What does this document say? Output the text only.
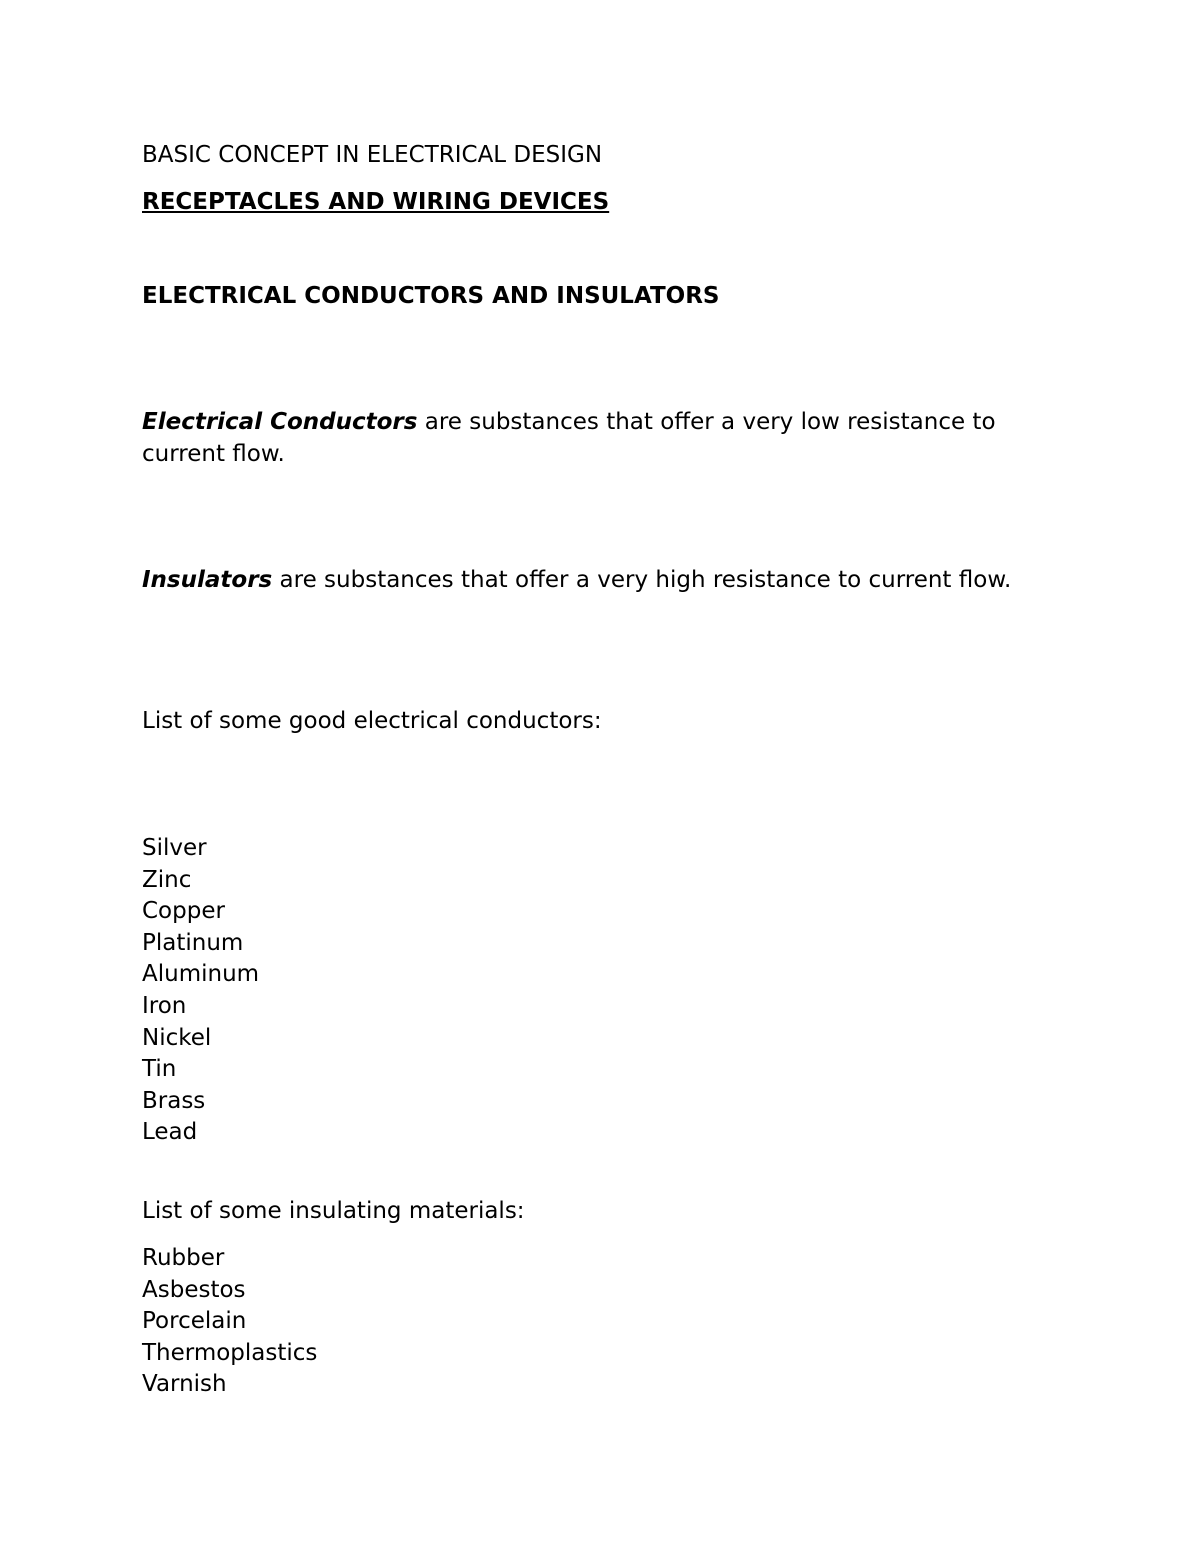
BASIC CONCEPT IN ELECTRICAL DESIGN

RECEPTACLES AND WIRING DEVICES

ELECTRICAL CONDUCTORS AND INSULATORS

Electrical Conductors are substances that offer a very low resistance to current flow.

Insulators are substances that offer a very high resistance to current flow.

List of some good electrical conductors:

Silver
Zinc
Copper
Platinum
Aluminum
Iron
Nickel
Tin
Brass
Lead

List of some insulating materials:

Rubber
Asbestos
Porcelain
Thermoplastics
Varnish
